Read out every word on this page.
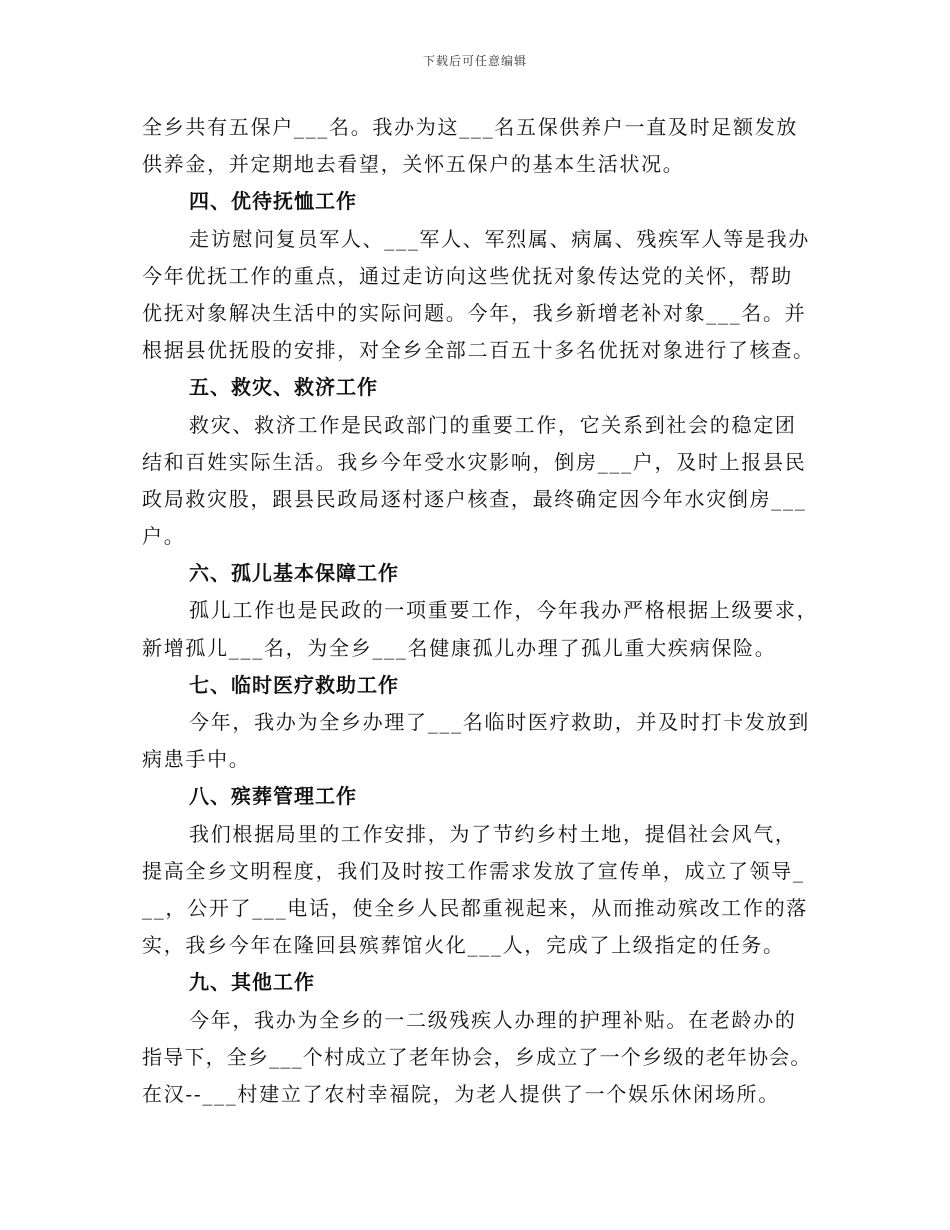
下载后可任意编辑
全乡共有五保户___名。我办为这___名五保供养户一直及时足额发放
供养金，并定期地去看望，关怀五保户的基本生活状况。
四、优待抚恤工作
走访慰问复员军人、___军人、军烈属、病属、残疾军人等是我办
今年优抚工作的重点，通过走访向这些优抚对象传达党的关怀，帮助
优抚对象解决生活中的实际问题。今年，我乡新增老补对象___名。并
根据县优抚股的安排，对全乡全部二百五十多名优抚对象进行了核查。
五、救灾、救济工作
救灾、救济工作是民政部门的重要工作，它关系到社会的稳定团
结和百姓实际生活。我乡今年受水灾影响，倒房___户，及时上报县民
政局救灾股，跟县民政局逐村逐户核查，最终确定因今年水灾倒房___
户。
六、孤儿基本保障工作
孤儿工作也是民政的一项重要工作，今年我办严格根据上级要求，
新增孤儿___名，为全乡___名健康孤儿办理了孤儿重大疾病保险。
七、临时医疗救助工作
今年，我办为全乡办理了___名临时医疗救助，并及时打卡发放到
病患手中。
八、殡葬管理工作
我们根据局里的工作安排，为了节约乡村土地，提倡社会风气，
提高全乡文明程度，我们及时按工作需求发放了宣传单，成立了领导_
__，公开了___电话，使全乡人民都重视起来，从而推动殡改工作的落
实，我乡今年在隆回县殡葬馆火化___人，完成了上级指定的任务。
九、其他工作
今年，我办为全乡的一二级残疾人办理的护理补贴。在老龄办的
指导下，全乡___个村成立了老年协会，乡成立了一个乡级的老年协会。
在汉--___村建立了农村幸福院，为老人提供了一个娱乐休闲场所。
